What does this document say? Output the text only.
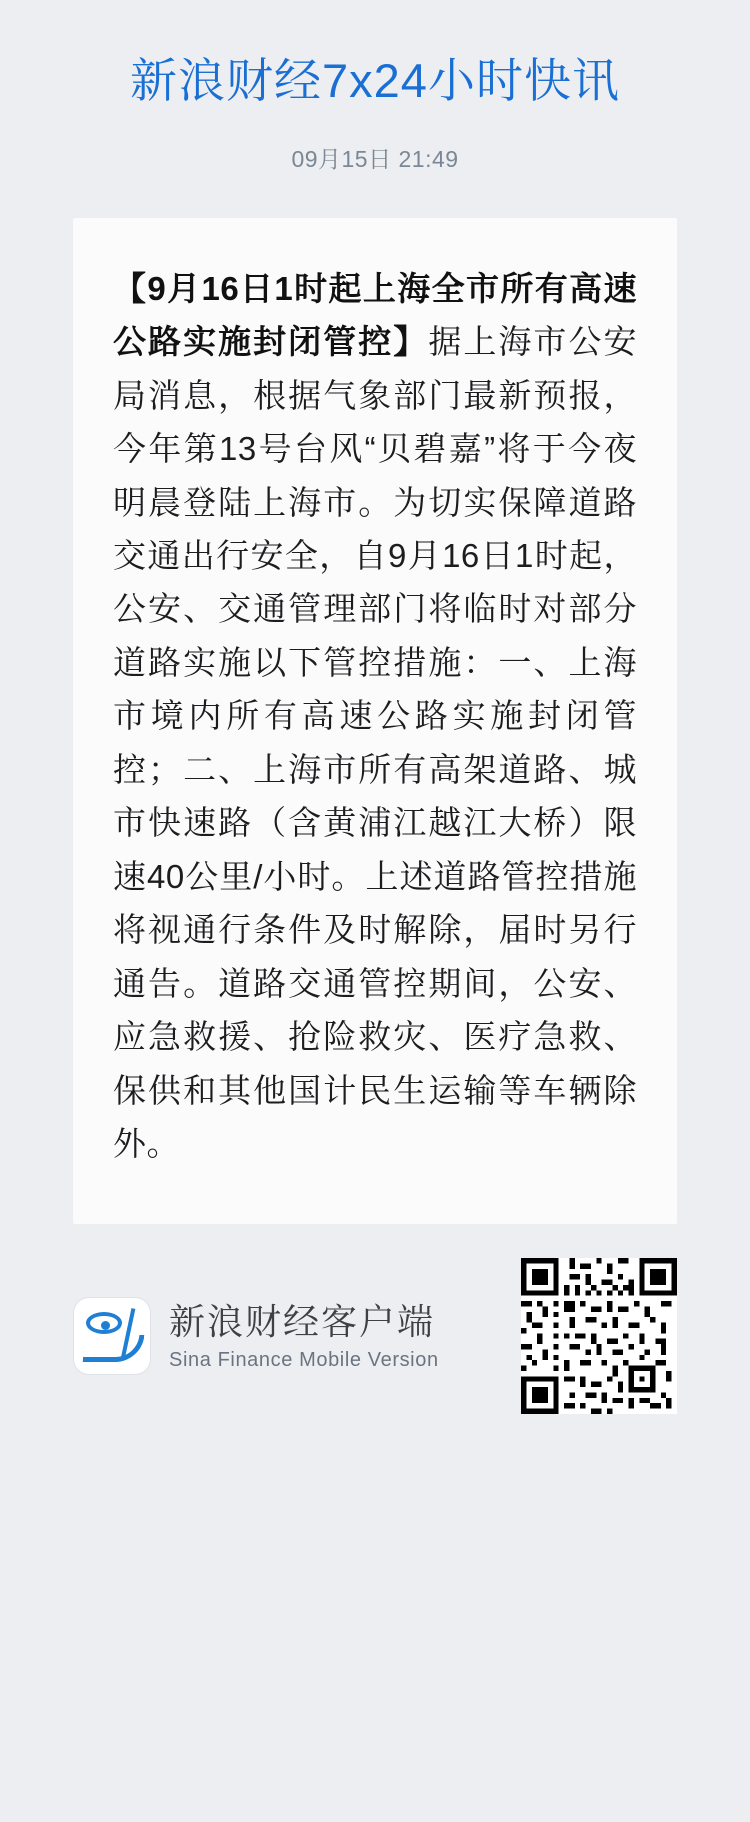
新浪财经7x24小时快讯
09月15日 21:49
【9月16日1时起上海全市所有高速公路实施封闭管控】据上海市公安局消息，根据气象部门最新预报，今年第13号台风“贝碧嘉”将于今夜明晨登陆上海市。为切实保障道路交通出行安全，自9月16日1时起，公安、交通管理部门将临时对部分道路实施以下管控措施：一、上海市境内所有高速公路实施封闭管控；二、上海市所有高架道路、城市快速路（含黄浦江越江大桥）限速40公里/小时。上述道路管控措施将视通行条件及时解除，届时另行通告。道路交通管控期间，公安、应急救援、抢险救灾、医疗急救、保供和其他国计民生运输等车辆除外。
新浪财经客户端
Sina Finance Mobile Version
